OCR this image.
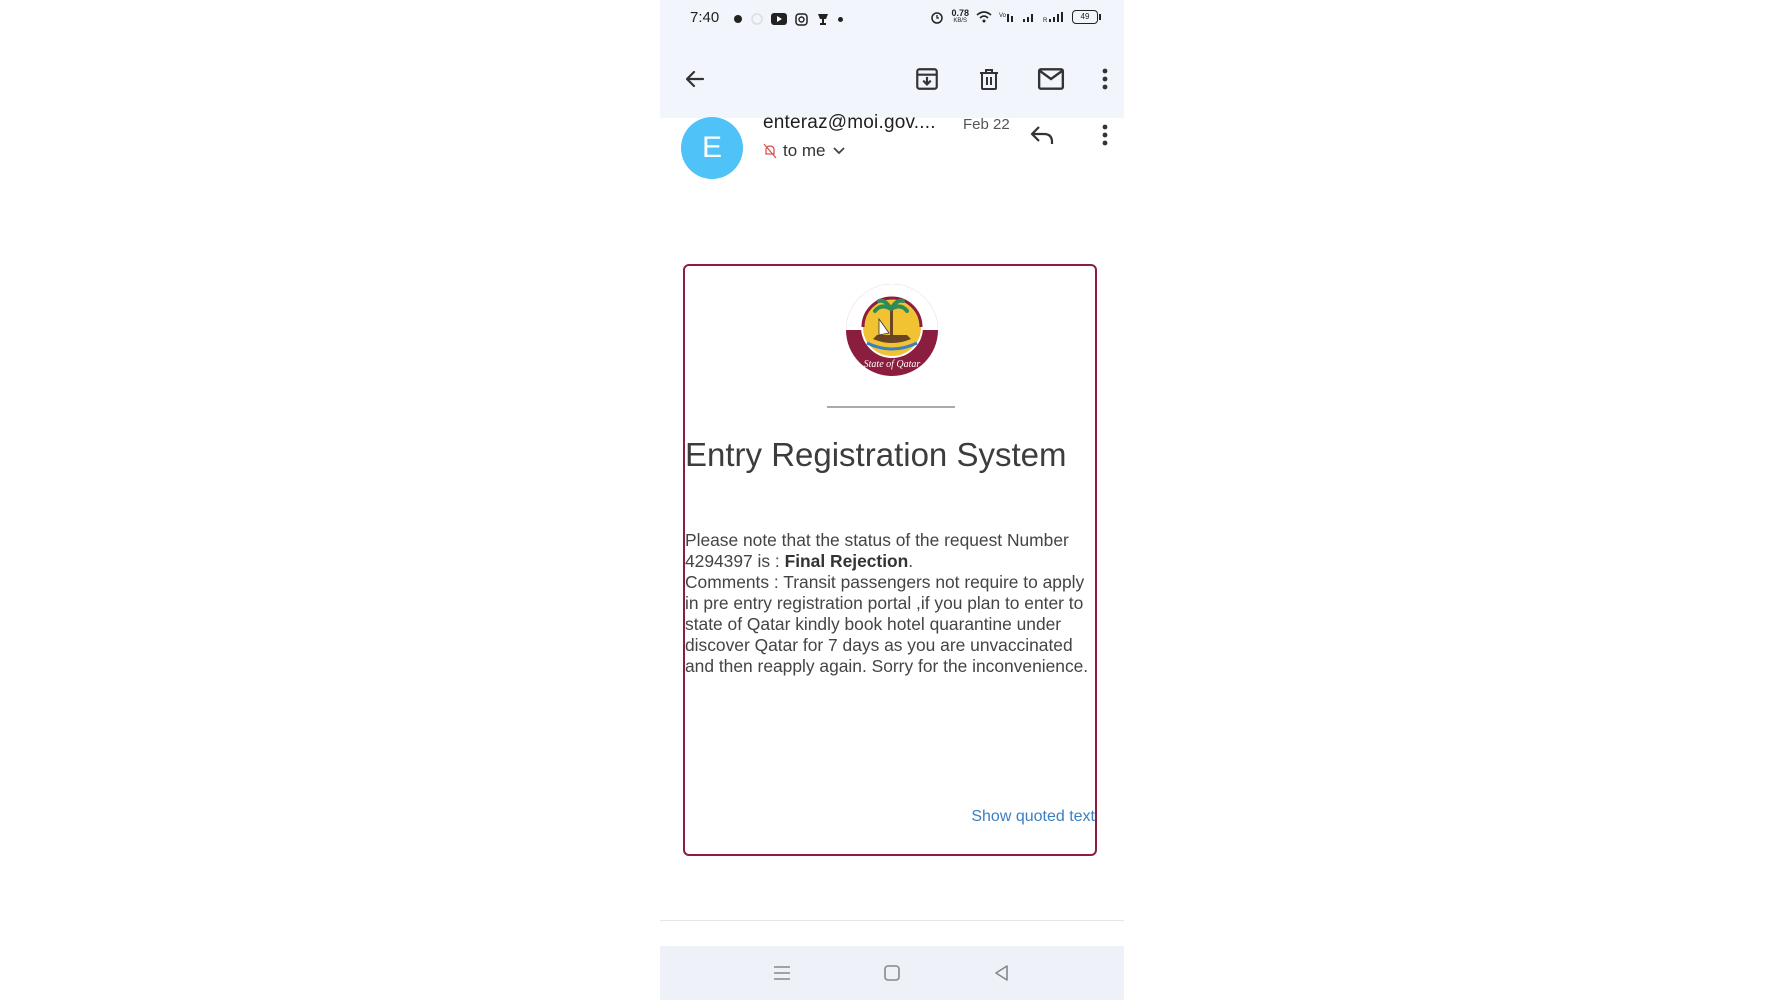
7:40	0.78
KB/S
Vo
R	49
E
enteraz@moi.gov.... Feb 22
to me
State of Qatar
Entry Registration System
Please note that the status of the request Number 4294397 is : Final Rejection.
Comments : Transit passengers not require to apply in pre entry registration portal ,if you plan to enter to state of Qatar kindly book hotel quarantine under discover Qatar for 7 days as you are unvaccinated and then reapply again. Sorry for the inconvenience.
Show quoted text
